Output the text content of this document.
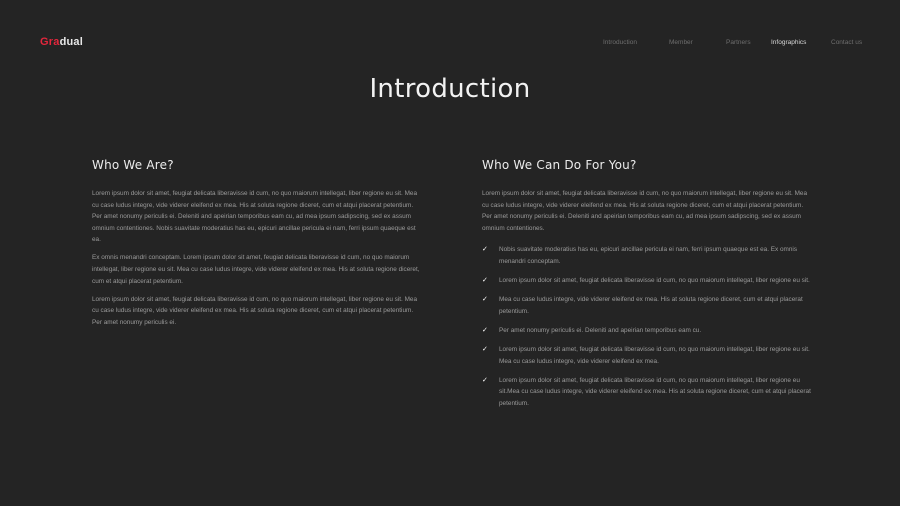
Gradual	Introduction	Member	Partners	Infographics	Contact us
Introduction
Who We Are?

Lorem ipsum dolor sit amet, feugiat delicata liberavisse id cum, no quo maiorum intellegat, liber regione eu sit. Mea cu case ludus integre, vide viderer eleifend ex mea. His at soluta regione diceret, cum et atqui placerat petentium. Per amet nonumy periculis ei. Deleniti and apeirian temporibus eam cu, ad mea ipsum sadipscing, sed ex assum omnium contentiones. Nobis suavitate moderatius has eu, epicuri ancillae pericula ei nam, ferri ipsum quaeque est ea.

Ex omnis menandri conceptam. Lorem ipsum dolor sit amet, feugiat delicata liberavisse id cum, no quo maiorum intellegat, liber regione eu sit. Mea cu case ludus integre, vide viderer eleifend ex mea. His at soluta regione diceret, cum et atqui placerat petentium.

Lorem ipsum dolor sit amet, feugiat delicata liberavisse id cum, no quo maiorum intellegat, liber regione eu sit. Mea cu case ludus integre, vide viderer eleifend ex mea. His at soluta regione diceret, cum et atqui placerat petentium. Per amet nonumy periculis ei.

Who We Can Do For You?

Lorem ipsum dolor sit amet, feugiat delicata liberavisse id cum, no quo maiorum intellegat, liber regione eu sit. Mea cu case ludus integre, vide viderer eleifend ex mea. His at soluta regione diceret, cum et atqui placerat petentium. Per amet nonumy periculis ei. Deleniti and apeirian temporibus eam cu, ad mea ipsum sadipscing, sed ex assum omnium contentiones.

✓ Nobis suavitate moderatius has eu, epicuri ancillae pericula ei nam, ferri ipsum quaeque est ea. Ex omnis menandri conceptam.
✓ Lorem ipsum dolor sit amet, feugiat delicata liberavisse id cum, no quo maiorum intellegat, liber regione eu sit.
✓ Mea cu case ludus integre, vide viderer eleifend ex mea. His at soluta regione diceret, cum et atqui placerat petentium.
✓ Per amet nonumy periculis ei. Deleniti and apeirian temporibus eam cu.
✓ Lorem ipsum dolor sit amet, feugiat delicata liberavisse id cum, no quo maiorum intellegat, liber regione eu sit. Mea cu case ludus integre, vide viderer eleifend ex mea.
✓ Lorem ipsum dolor sit amet, feugiat delicata liberavisse id cum, no quo maiorum intellegat, liber regione eu sit.Mea cu case ludus integre, vide viderer eleifend ex mea. His at soluta regione diceret, cum et atqui placerat petentium.
